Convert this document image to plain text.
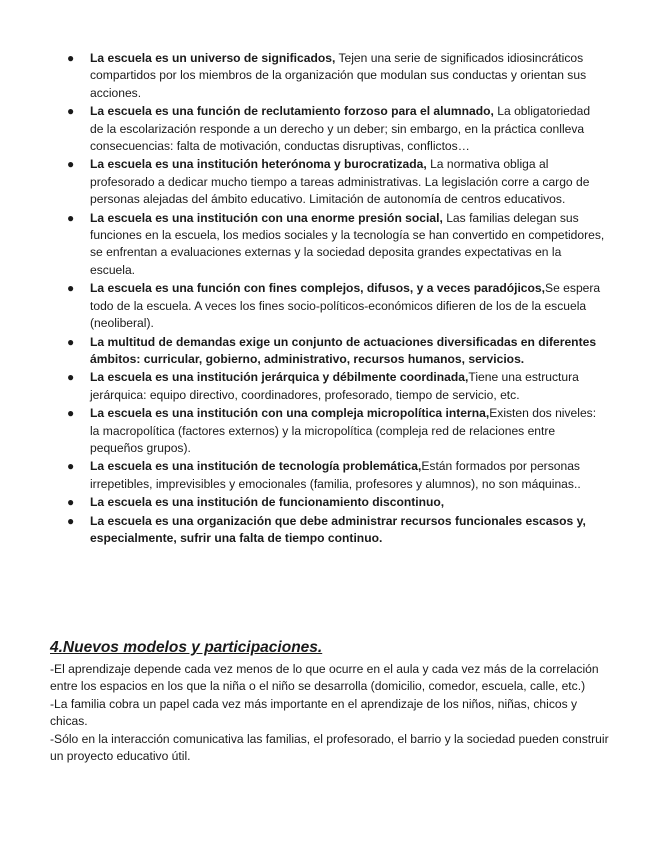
● La escuela es un universo de significados, Tejen una serie de significados idiosincráticos compartidos por los miembros de la organización que modulan sus conductas y orientan sus acciones.
● La escuela es una función de reclutamiento forzoso para el alumnado, La obligatoriedad de la escolarización responde a un derecho y un deber; sin embargo, en la práctica conlleva consecuencias: falta de motivación, conductas disruptivas, conflictos…
● La escuela es una institución heterónoma y burocratizada, La normativa obliga al profesorado a dedicar mucho tiempo a tareas administrativas. La legislación corre a cargo de personas alejadas del ámbito educativo. Limitación de autonomía de centros educativos.
● La escuela es una institución con una enorme presión social, Las familias delegan sus funciones en la escuela, los medios sociales y la tecnología se han convertido en competidores, se enfrentan a evaluaciones externas y la sociedad deposita grandes expectativas en la escuela.
● La escuela es una función con fines complejos, difusos, y a veces paradójicos,Se espera todo de la escuela. A veces los fines socio-políticos-económicos difieren de los de la escuela (neoliberal).
● La multitud de demandas exige un conjunto de actuaciones diversificadas en diferentes ámbitos: curricular, gobierno, administrativo, recursos humanos, servicios.
● La escuela es una institución jerárquica y débilmente coordinada,Tiene una estructura jerárquica: equipo directivo, coordinadores, profesorado, tiempo de servicio, etc.
● La escuela es una institución con una compleja micropolítica interna,Existen dos niveles: la macropolítica (factores externos) y la micropolítica (compleja red de relaciones entre pequeños grupos).
● La escuela es una institución de tecnología problemática,Están formados por personas irrepetibles, imprevisibles y emocionales (familia, profesores y alumnos), no son máquinas..
● La escuela es una institución de funcionamiento discontinuo,
● La escuela es una organización que debe administrar recursos funcionales escasos y, especialmente, sufrir una falta de tiempo continuo.
4.Nuevos modelos y participaciones.
-El aprendizaje depende cada vez menos de lo que ocurre en el aula y cada vez más de la correlación entre los espacios en los que la niña o el niño se desarrolla (domicilio, comedor, escuela, calle, etc.)
-La familia cobra un papel cada vez más importante en el aprendizaje de los niños, niñas, chicos y chicas.
-Sólo en la interacción comunicativa las familias, el profesorado, el barrio y la sociedad pueden construir un proyecto educativo útil.
